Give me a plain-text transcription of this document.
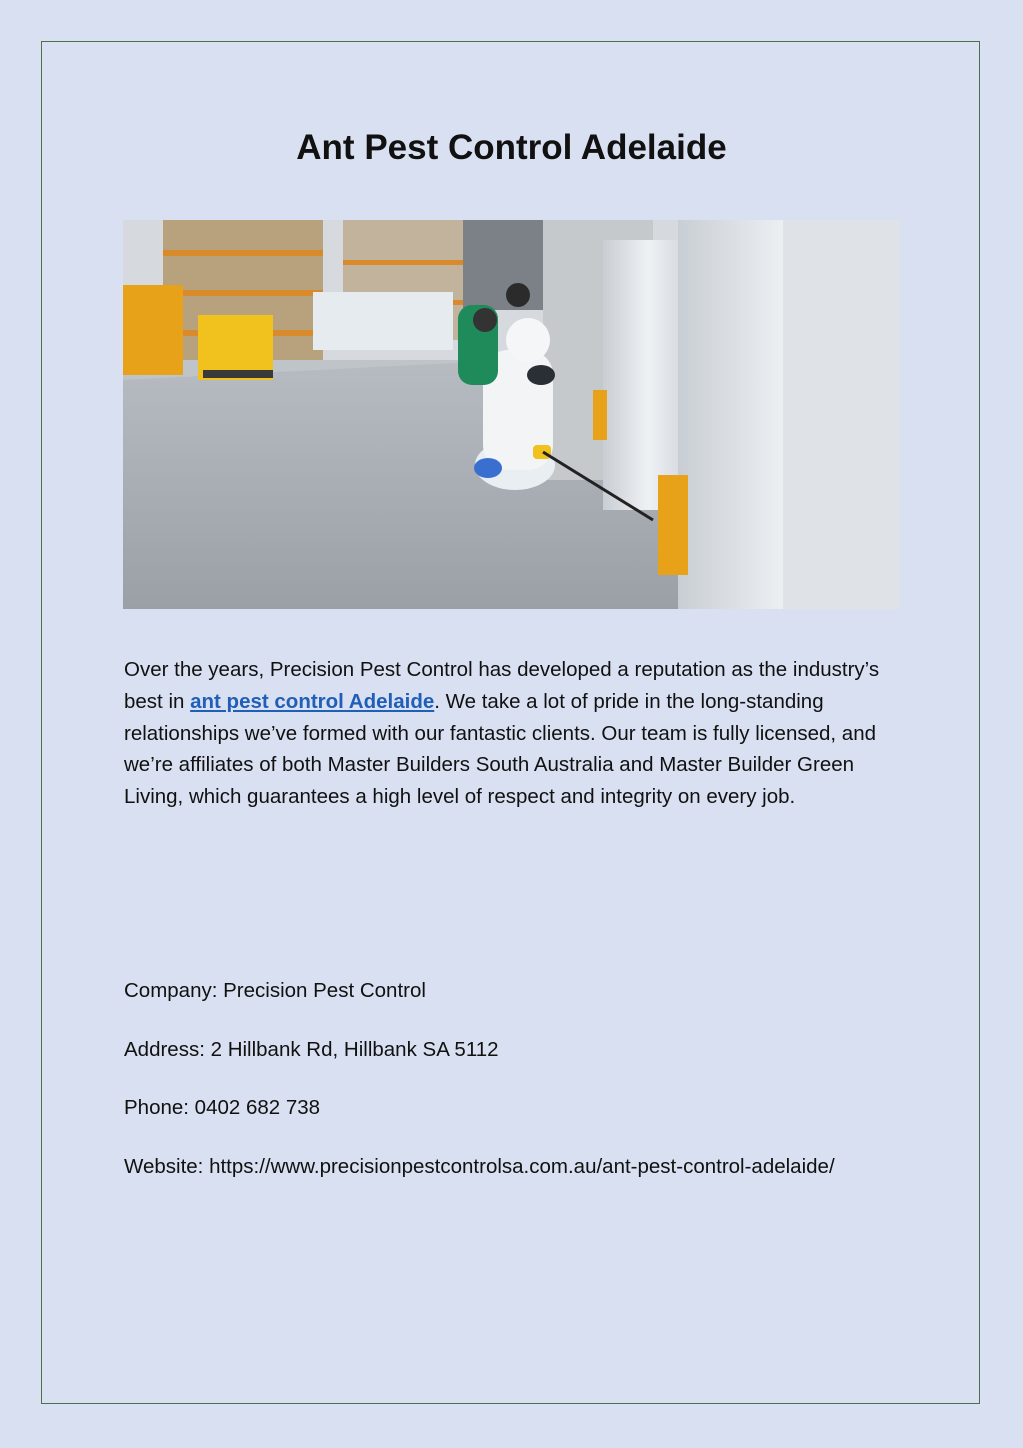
Ant Pest Control Adelaide

Over the years, Precision Pest Control has developed a reputation as the industry’s best in ant pest control Adelaide. We take a lot of pride in the long-standing relationships we’ve formed with our fantastic clients. Our team is fully licensed, and we’re affiliates of both Master Builders South Australia and Master Builder Green Living, which guarantees a high level of respect and integrity on every job.

Company: Precision Pest Control

Address: 2 Hillbank Rd, Hillbank SA 5112

Phone: 0402 682 738

Website: https://www.precisionpestcontrolsa.com.au/ant-pest-control-adelaide/
